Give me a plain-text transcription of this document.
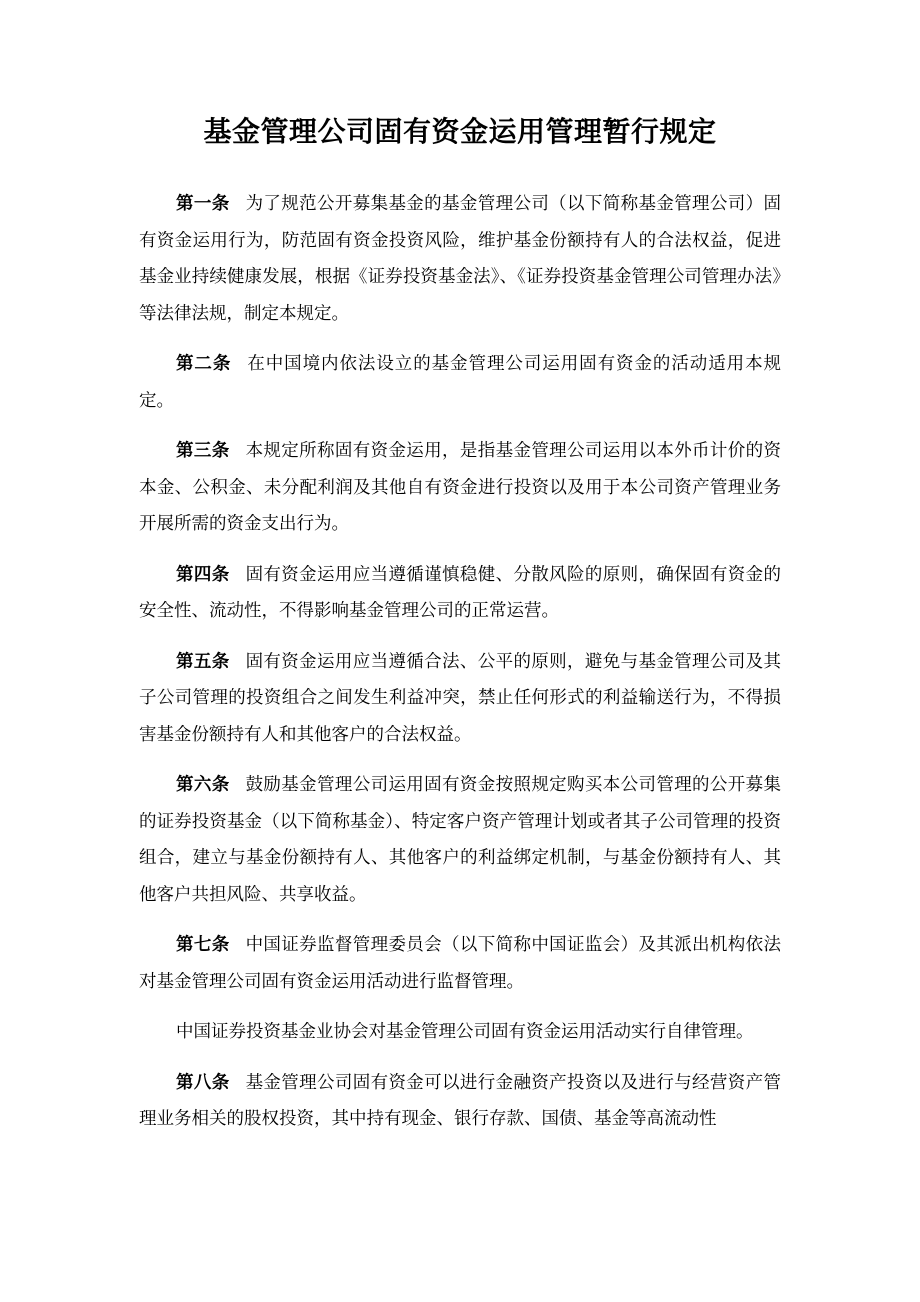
基金管理公司固有资金运用管理暂行规定

第一条 为了规范公开募集基金的基金管理公司（以下简称基金管理公司）固有资金运用行为，防范固有资金投资风险，维护基金份额持有人的合法权益，促进基金业持续健康发展，根据《证券投资基金法》、《证券投资基金管理公司管理办法》等法律法规，制定本规定。

第二条 在中国境内依法设立的基金管理公司运用固有资金的活动适用本规定。

第三条 本规定所称固有资金运用，是指基金管理公司运用以本外币计价的资本金、公积金、未分配利润及其他自有资金进行投资以及用于本公司资产管理业务开展所需的资金支出行为。

第四条 固有资金运用应当遵循谨慎稳健、分散风险的原则，确保固有资金的安全性、流动性，不得影响基金管理公司的正常运营。

第五条 固有资金运用应当遵循合法、公平的原则，避免与基金管理公司及其子公司管理的投资组合之间发生利益冲突，禁止任何形式的利益输送行为，不得损害基金份额持有人和其他客户的合法权益。

第六条 鼓励基金管理公司运用固有资金按照规定购买本公司管理的公开募集的证券投资基金（以下简称基金）、特定客户资产管理计划或者其子公司管理的投资组合，建立与基金份额持有人、其他客户的利益绑定机制，与基金份额持有人、其他客户共担风险、共享收益。

第七条 中国证券监督管理委员会（以下简称中国证监会）及其派出机构依法对基金管理公司固有资金运用活动进行监督管理。

中国证券投资基金业协会对基金管理公司固有资金运用活动实行自律管理。

第八条 基金管理公司固有资金可以进行金融资产投资以及进行与经营资产管理业务相关的股权投资，其中持有现金、银行存款、国债、基金等高流动性
